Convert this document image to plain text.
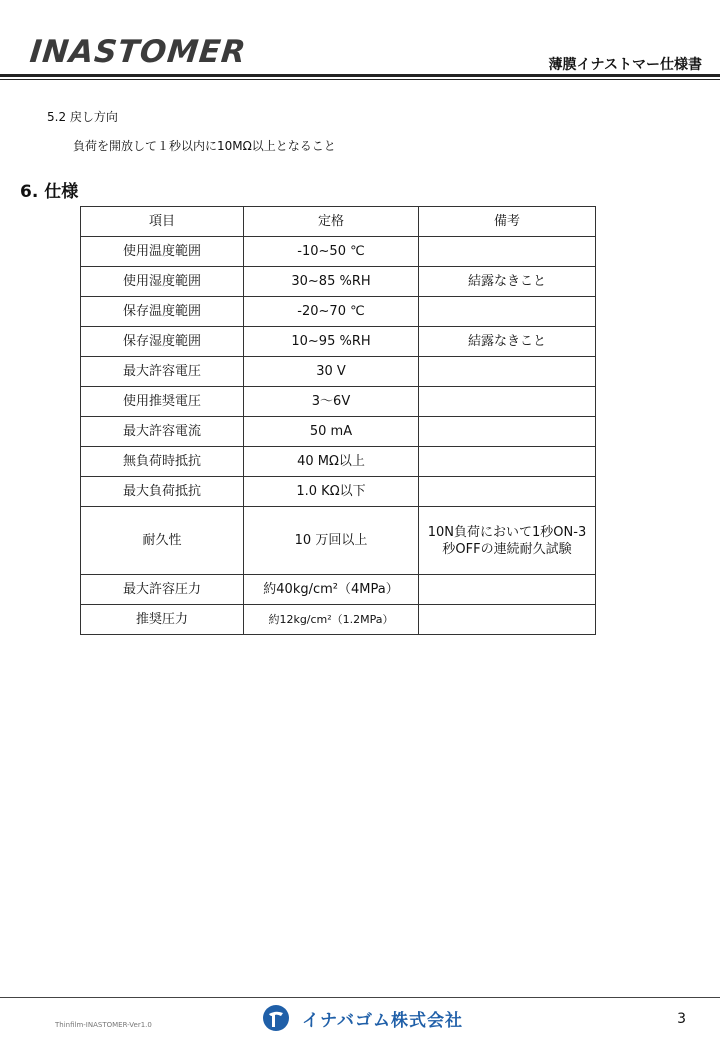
INASTOMER	薄膜イナストマー仕様書
5.2 戻し方向
負荷を開放して１秒以内に10MΩ以上となること
6. 仕様
項目	定格	備考
使用温度範囲	-10~50 ℃	
使用湿度範囲	30~85 %RH	結露なきこと
保存温度範囲	-20~70 ℃	
保存湿度範囲	10~95 %RH	結露なきこと
最大許容電圧	30 V	
使用推奨電圧	3～6V	
最大許容電流	50 mA	
無負荷時抵抗	40 MΩ以上	
最大負荷抵抗	1.0 KΩ以下	
耐久性	10 万回以上	10N負荷において1秒ON-3秒OFFの連続耐久試験
最大許容圧力	約40kg/cm²（4MPa）	
推奨圧力	約12kg/cm²（1.2MPa）	
Thinfilm-INASTOMER-Ver1.0	イナバゴム株式会社	3
